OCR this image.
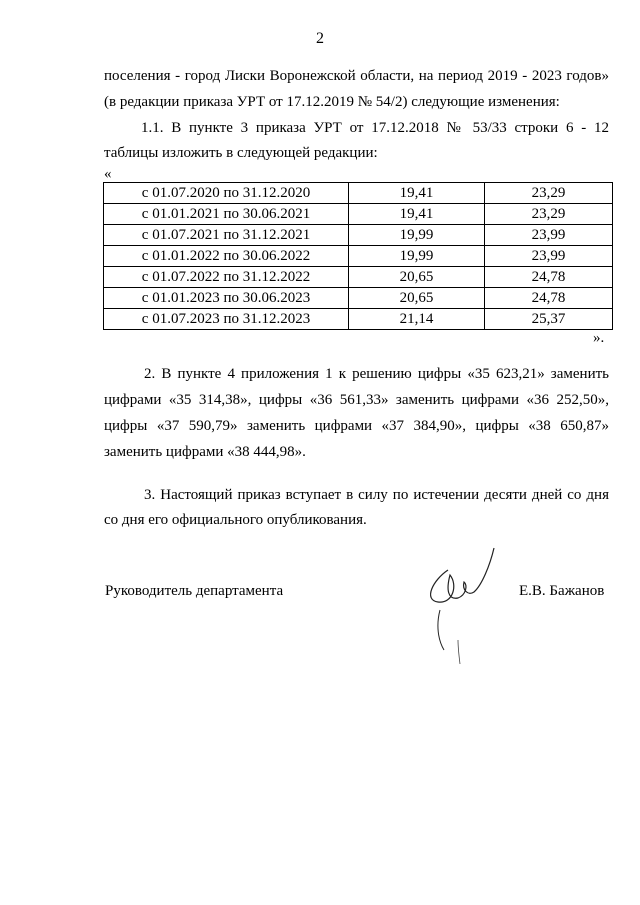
2
поселения - город Лиски Воронежской области, на период 2019 - 2023 годов»
(в редакции приказа УРТ от 17.12.2019 № 54/2) следующие изменения:
1.1. В пункте 3 приказа УРТ от 17.12.2018 № 53/33 строки 6 - 12
таблицы изложить в следующей редакции:
«
с 01.07.2020 по 31.12.2020	19,41	23,29
с 01.01.2021 по 30.06.2021	19,41	23,29
с 01.07.2021 по 31.12.2021	19,99	23,99
с 01.01.2022 по 30.06.2022	19,99	23,99
с 01.07.2022 по 31.12.2022	20,65	24,78
с 01.01.2023 по 30.06.2023	20,65	24,78
с 01.07.2023 по 31.12.2023	21,14	25,37
».
2. В пункте 4 приложения 1 к решению цифры «35 623,21» заменить
цифрами «35 314,38», цифры «36 561,33» заменить цифрами «36 252,50»,
цифры «37 590,79» заменить цифрами «37 384,90», цифры «38 650,87»
заменить цифрами «38 444,98».
3. Настоящий приказ вступает в силу по истечении десяти дней со дня
со дня его официального опубликования.
Руководитель департамента	Е.В. Бажанов
